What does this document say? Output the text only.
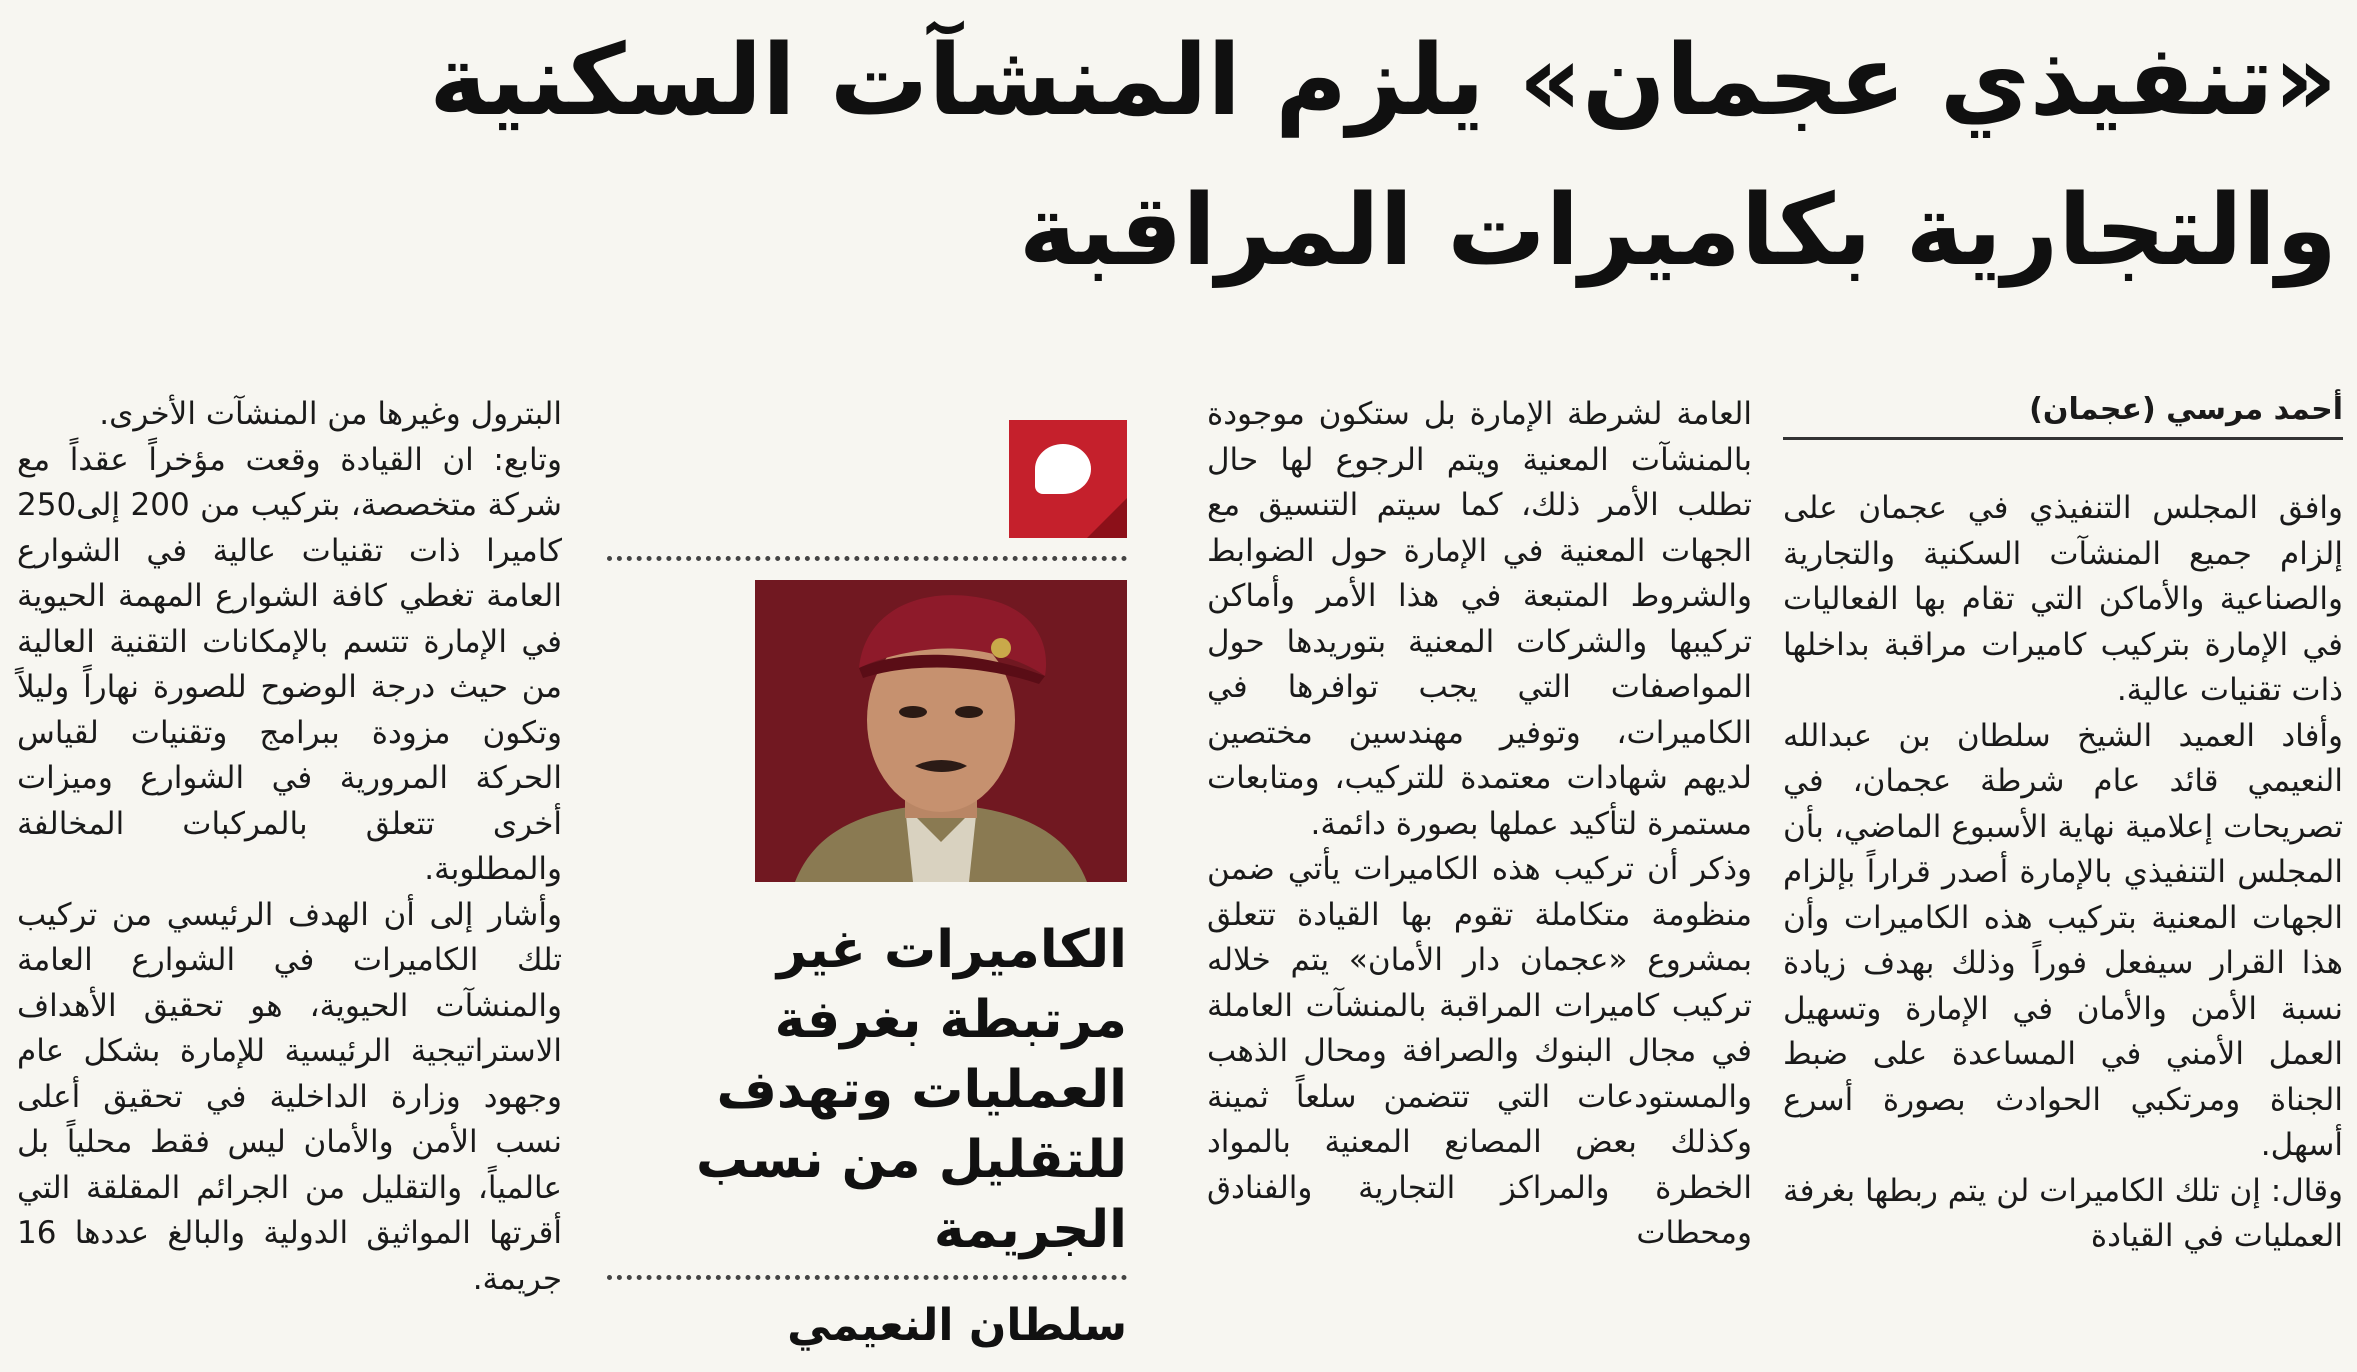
«تنفيذي عجمان» يلزم المنشآت السكنية
والتجارية بكاميرات المراقبة
أحمد مرسي (عجمان)

وافق المجلس التنفيذي في عجمان على إلزام جميع المنشآت السكنية والتجارية والصناعية والأماكن التي تقام بها الفعاليات في الإمارة بتركيب كاميرات مراقبة بداخلها ذات تقنيات عالية.

وأفاد العميد الشيخ سلطان بن عبدالله النعيمي قائد عام شرطة عجمان، في تصريحات إعلامية نهاية الأسبوع الماضي، بأن المجلس التنفيذي بالإمارة أصدر قراراً بإلزام الجهات المعنية بتركيب هذه الكاميرات وأن هذا القرار سيفعل فوراً وذلك بهدف زيادة نسبة الأمن والأمان في الإمارة وتسهيل العمل الأمني في المساعدة على ضبط الجناة ومرتكبي الحوادث بصورة أسرع أسهل.

وقال: إن تلك الكاميرات لن يتم ربطها بغرفة العمليات في القيادة

العامة لشرطة الإمارة بل ستكون موجودة بالمنشآت المعنية ويتم الرجوع لها حال تطلب الأمر ذلك، كما سيتم التنسيق مع الجهات المعنية في الإمارة حول الضوابط والشروط المتبعة في هذا الأمر وأماكن تركيبها والشركات المعنية بتوريدها حول المواصفات التي يجب توافرها في الكاميرات، وتوفير مهندسين مختصين لديهم شهادات معتمدة للتركيب، ومتابعات مستمرة لتأكيد عملها بصورة دائمة.

وذكر أن تركيب هذه الكاميرات يأتي ضمن منظومة متكاملة تقوم بها القيادة تتعلق بمشروع «عجمان دار الأمان» يتم خلاله تركيب كاميرات المراقبة بالمنشآت العاملة في مجال البنوك والصرافة ومحال الذهب والمستودعات التي تتضمن سلعاً ثمينة وكذلك بعض المصانع المعنية بالمواد الخطرة والمراكز التجارية والفنادق ومحطات

الكاميرات غير مرتبطة بغرفة العمليات وتهدف للتقليل من نسب الجريمة

سلطان النعيمي

البترول وغيرها من المنشآت الأخرى.

وتابع: ان القيادة وقعت مؤخراً عقداً مع شركة متخصصة، بتركيب من 200 إلى250 كاميرا ذات تقنيات عالية في الشوارع العامة تغطي كافة الشوارع المهمة الحيوية في الإمارة تتسم بالإمكانات التقنية العالية من حيث درجة الوضوح للصورة نهاراً وليلاً وتكون مزودة ببرامج وتقنيات لقياس الحركة المرورية في الشوارع وميزات أخرى تتعلق بالمركبات المخالفة والمطلوبة.

وأشار إلى أن الهدف الرئيسي من تركيب تلك الكاميرات في الشوارع العامة والمنشآت الحيوية، هو تحقيق الأهداف الاستراتيجية الرئيسية للإمارة بشكل عام وجهود وزارة الداخلية في تحقيق أعلى نسب الأمن والأمان ليس فقط محلياً بل عالمياً، والتقليل من الجرائم المقلقة التي أقرتها المواثيق الدولية والبالغ عددها 16 جريمة.
